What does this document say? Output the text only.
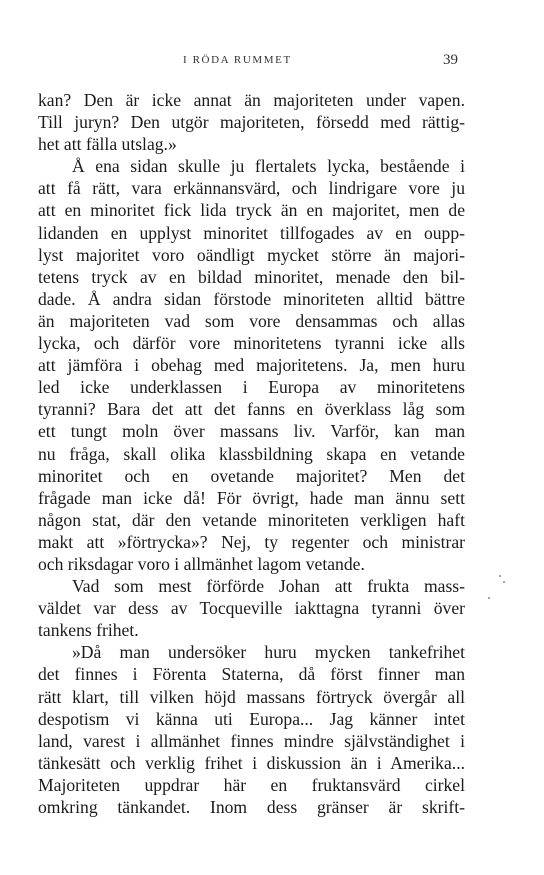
I RÖDA RUMMET	39
kan? Den är icke annat än majoriteten under vapen.
Till juryn? Den utgör majoriteten, försedd med rättig-
het att fälla utslag.»
Å ena sidan skulle ju flertalets lycka, bestående i
att få rätt, vara erkännansvärd, och lindrigare vore ju
att en minoritet fick lida tryck än en majoritet, men de
lidanden en upplyst minoritet tillfogades av en oupp-
lyst majoritet voro oändligt mycket större än majori-
tetens tryck av en bildad minoritet, menade den bil-
dade. Å andra sidan förstode minoriteten alltid bättre
än majoriteten vad som vore densammas och allas
lycka, och därför vore minoritetens tyranni icke alls
att jämföra i obehag med majoritetens. Ja, men huru
led icke underklassen i Europa av minoritetens
tyranni? Bara det att det fanns en överklass låg som
ett tungt moln över massans liv. Varför, kan man
nu fråga, skall olika klassbildning skapa en vetande
minoritet och en ovetande majoritet? Men det
frågade man icke då! För övrigt, hade man ännu sett
någon stat, där den vetande minoriteten verkligen haft
makt att »förtrycka»? Nej, ty regenter och ministrar
och riksdagar voro i allmänhet lagom vetande.
Vad som mest förförde Johan att frukta mass-
väldet var dess av Tocqueville iakttagna tyranni över
tankens frihet.
»Då man undersöker huru mycken tankefrihet
det finnes i Förenta Staterna, då först finner man
rätt klart, till vilken höjd massans förtryck övergår all
despotism vi känna uti Europa... Jag känner intet
land, varest i allmänhet finnes mindre självständighet i
tänkesätt och verklig frihet i diskussion än i Amerika...
Majoriteten uppdrar här en fruktansvärd cirkel
omkring tänkandet. Inom dess gränser är skrift-
